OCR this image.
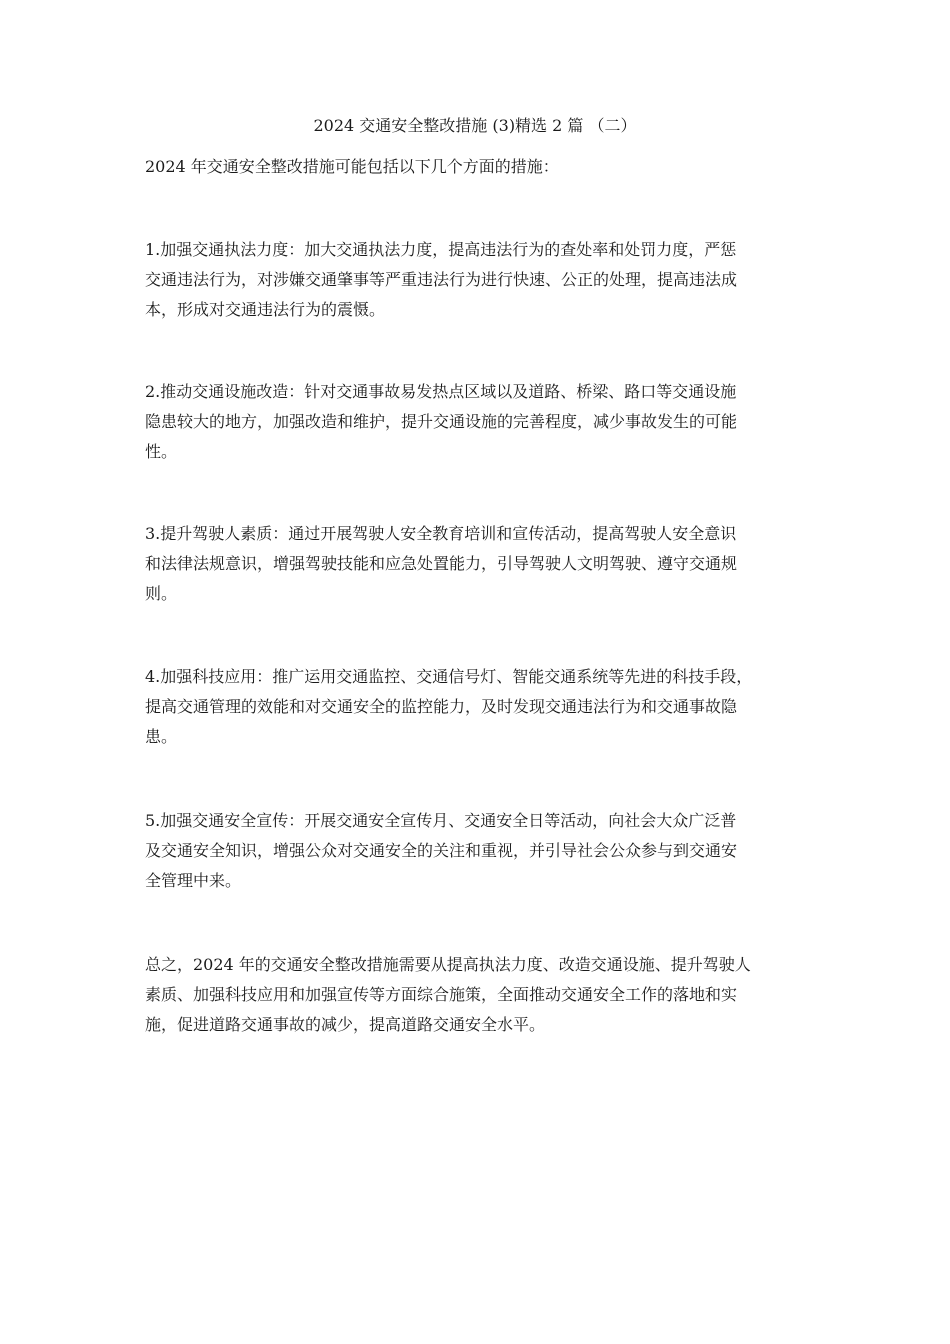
2024 交通安全整改措施 (3)精选 2 篇 （二）

2024 年交通安全整改措施可能包括以下几个方面的措施：

1.加强交通执法力度：加大交通执法力度，提高违法行为的查处率和处罚力度，严惩
交通违法行为，对涉嫌交通肇事等严重违法行为进行快速、公正的处理，提高违法成
本，形成对交通违法行为的震慑。
2.推动交通设施改造：针对交通事故易发热点区域以及道路、桥梁、路口等交通设施
隐患较大的地方，加强改造和维护，提升交通设施的完善程度，减少事故发生的可能
性。
3.提升驾驶人素质：通过开展驾驶人安全教育培训和宣传活动，提高驾驶人安全意识
和法律法规意识，增强驾驶技能和应急处置能力，引导驾驶人文明驾驶、遵守交通规
则。
4.加强科技应用：推广运用交通监控、交通信号灯、智能交通系统等先进的科技手段，
提高交通管理的效能和对交通安全的监控能力，及时发现交通违法行为和交通事故隐
患。
5.加强交通安全宣传：开展交通安全宣传月、交通安全日等活动，向社会大众广泛普
及交通安全知识，增强公众对交通安全的关注和重视，并引导社会公众参与到交通安
全管理中来。
总之，2024 年的交通安全整改措施需要从提高执法力度、改造交通设施、提升驾驶人
素质、加强科技应用和加强宣传等方面综合施策，全面推动交通安全工作的落地和实
施，促进道路交通事故的减少，提高道路交通安全水平。
